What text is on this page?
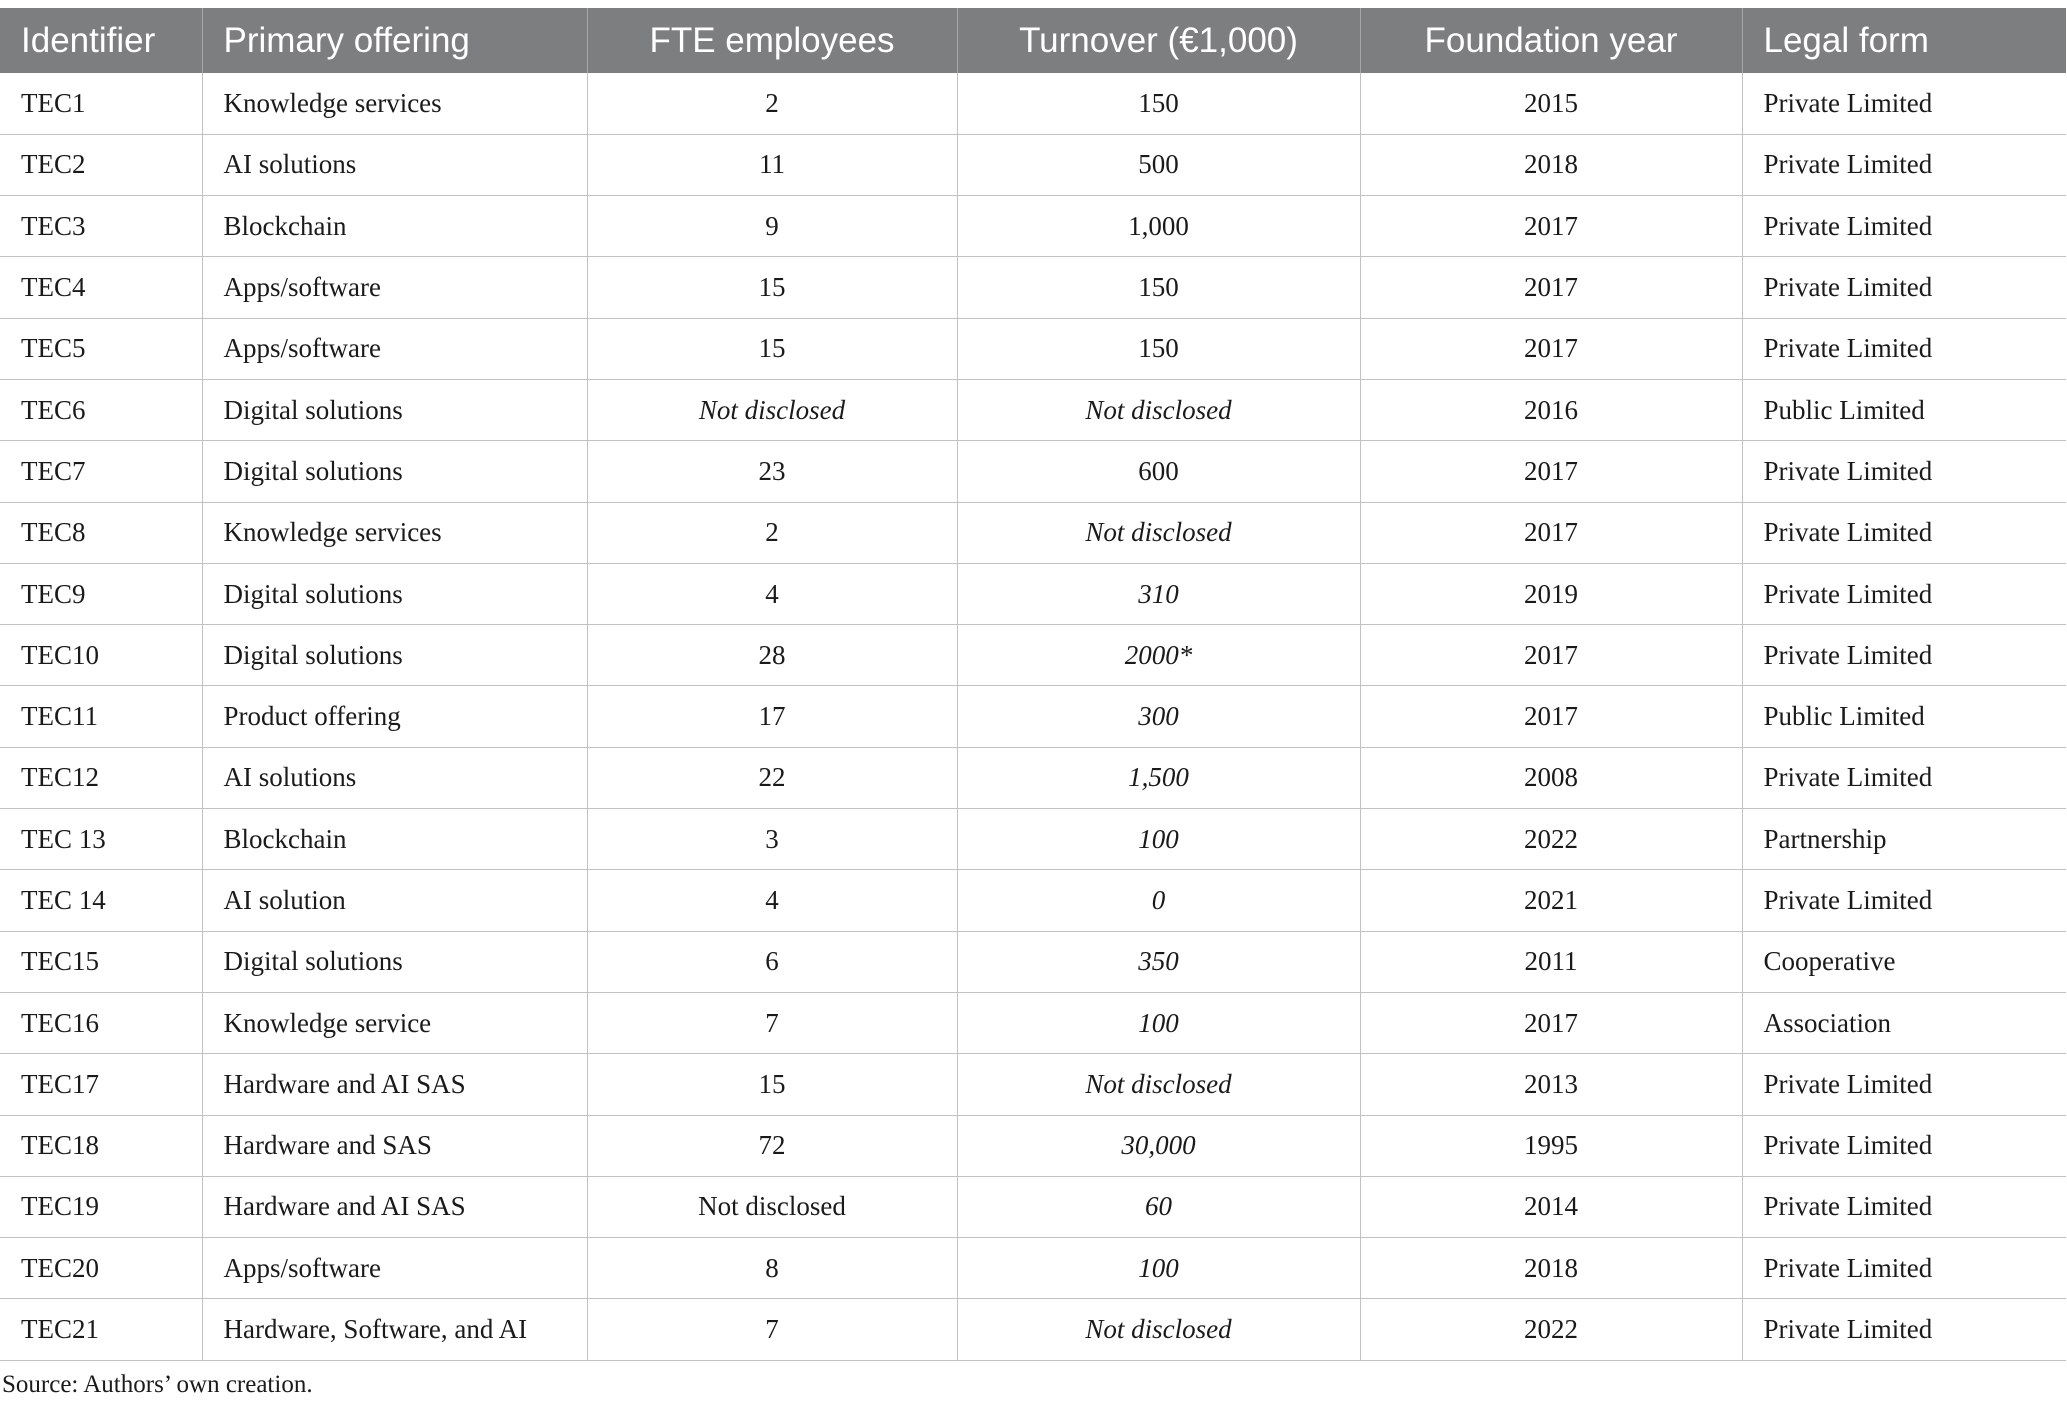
Identifier	Primary offering	FTE employees	Turnover (€1,000)	Foundation year	Legal form
TEC1	Knowledge services	2	150	2015	Private Limited
TEC2	AI solutions	11	500	2018	Private Limited
TEC3	Blockchain	9	1,000	2017	Private Limited
TEC4	Apps/software	15	150	2017	Private Limited
TEC5	Apps/software	15	150	2017	Private Limited
TEC6	Digital solutions	Not disclosed	Not disclosed	2016	Public Limited
TEC7	Digital solutions	23	600	2017	Private Limited
TEC8	Knowledge services	2	Not disclosed	2017	Private Limited
TEC9	Digital solutions	4	310	2019	Private Limited
TEC10	Digital solutions	28	2000*	2017	Private Limited
TEC11	Product offering	17	300	2017	Public Limited
TEC12	AI solutions	22	1,500	2008	Private Limited
TEC 13	Blockchain	3	100	2022	Partnership
TEC 14	AI solution	4	0	2021	Private Limited
TEC15	Digital solutions	6	350	2011	Cooperative
TEC16	Knowledge service	7	100	2017	Association
TEC17	Hardware and AI SAS	15	Not disclosed	2013	Private Limited
TEC18	Hardware and SAS	72	30,000	1995	Private Limited
TEC19	Hardware and AI SAS	Not disclosed	60	2014	Private Limited
TEC20	Apps/software	8	100	2018	Private Limited
TEC21	Hardware, Software, and AI	7	Not disclosed	2022	Private Limited
Source: Authors’ own creation.
